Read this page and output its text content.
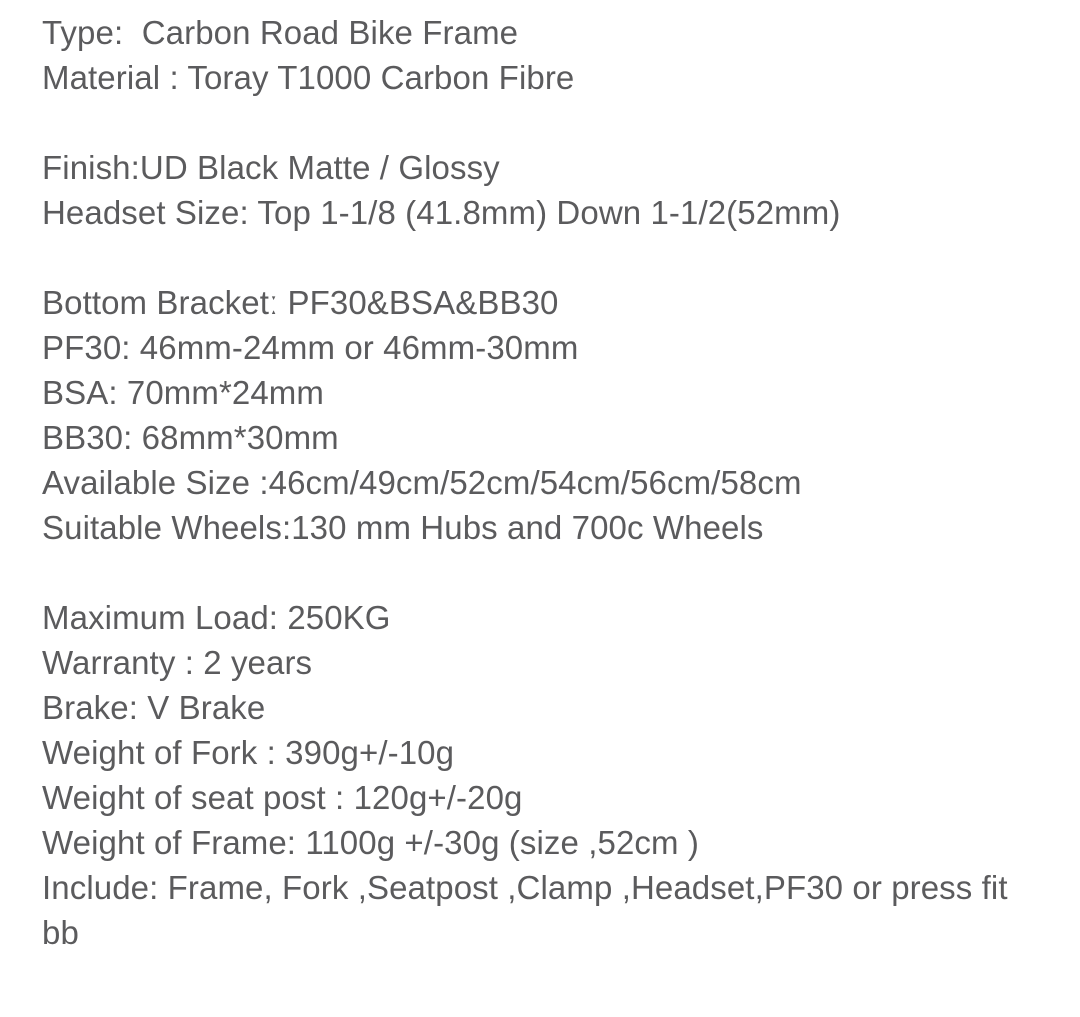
Type:  Carbon Road Bike Frame
Material : Toray T1000 Carbon Fibre
Finish:UD Black Matte / Glossy
Headset Size: Top 1-1/8 (41.8mm) Down 1-1/2(52mm)
Bottom Bracketː PF30&BSA&BB30
PF30: 46mm-24mm or 46mm-30mm
BSA: 70mm*24mm
BB30: 68mm*30mm
Available Size :46cm/49cm/52cm/54cm/56cm/58cm
Suitable Wheels:130 mm Hubs and 700c Wheels
Maximum Load: 250KG
Warranty : 2 years
Brake: V Brake
Weight of Fork : 390g+/-10g
Weight of seat post : 120g+/-20g
Weight of Frame: 1100g +/-30g (size ,52cm )
Include: Frame, Fork ,Seatpost ,Clamp ,Headset,PF30 or press fit bb
